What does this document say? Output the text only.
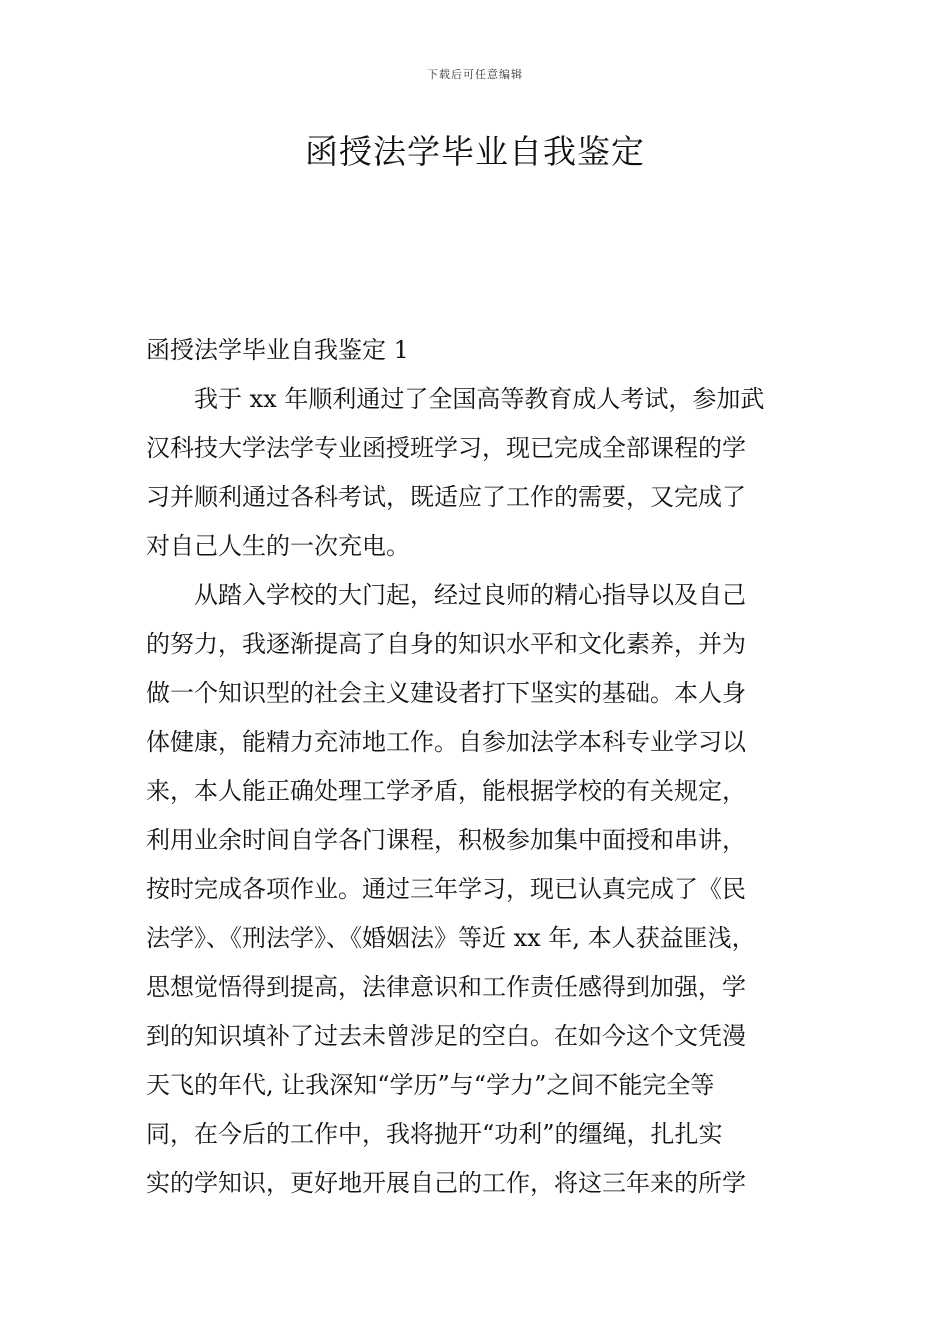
下载后可任意编辑
函授法学毕业自我鉴定

函授法学毕业自我鉴定 1

　　我于 xx 年顺利通过了全国高等教育成人考试，参加武
汉科技大学法学专业函授班学习，现已完成全部课程的学
习并顺利通过各科考试，既适应了工作的需要，又完成了
对自己人生的一次充电。

　　从踏入学校的大门起，经过良师的精心指导以及自己
的努力，我逐渐提高了自身的知识水平和文化素养，并为
做一个知识型的社会主义建设者打下坚实的基础。本人身
体健康，能精力充沛地工作。自参加法学本科专业学习以
来，本人能正确处理工学矛盾，能根据学校的有关规定，
利用业余时间自学各门课程，积极参加集中面授和串讲，
按时完成各项作业。通过三年学习，现已认真完成了《民
法学》、《刑法学》、《婚姻法》等近 xx 年, 本人获益匪浅，
思想觉悟得到提高，法律意识和工作责任感得到加强，学
到的知识填补了过去未曾涉足的空白。在如今这个文凭漫
天飞的年代, 让我深知“学历”与“学力”之间不能完全等
同，在今后的工作中，我将抛开“功利”的缰绳，扎扎实
实的学知识，更好地开展自己的工作，将这三年来的所学
